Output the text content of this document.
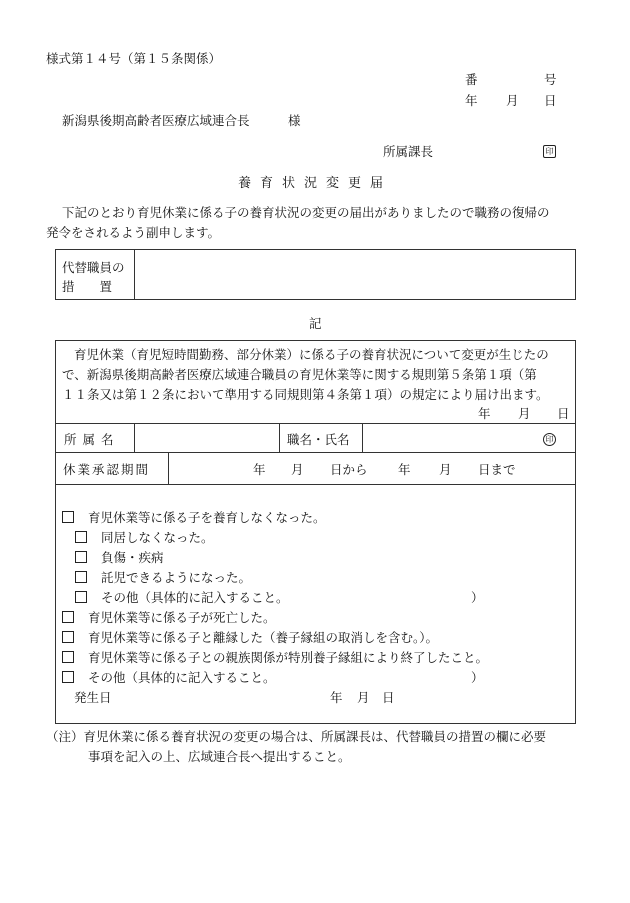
様式第１４号（第１５条関係）
番	号
年 月 日
新潟県後期高齢者医療広域連合長	様
所属課長	印
養育状況変更届
下記のとおり育児休業に係る子の養育状況の変更の届出がありましたので職務の復帰の
発令をされるよう副申します。
代替職員の
措　　置
記
育児休業（育児短時間勤務、部分休業）に係る子の養育状況について変更が生じたの
で、新潟県後期高齢者医療広域連合職員の育児休業等に関する規則第５条第１項（第
１１条又は第１２条において準用する同規則第４条第１項）の規定により届け出ます。
年 月 日
所属名	職名・氏名	印
休業承認期間	年 月 日から 年 月 日まで
育児休業等に係る子を養育しなくなった。
同居しなくなった。
負傷・疾病
託児できるようになった。
その他（具体的に記入すること。	）
育児休業等に係る子が死亡した。
育児休業等に係る子と離縁した（養子縁組の取消しを含む。）。
育児休業等に係る子との親族関係が特別養子縁組により終了したこと。
その他（具体的に記入すること。	）
発生日	年 月 日
（注）育児休業に係る養育状況の変更の場合は、所属課長は、代替職員の措置の欄に必要
事項を記入の上、広域連合長へ提出すること。
